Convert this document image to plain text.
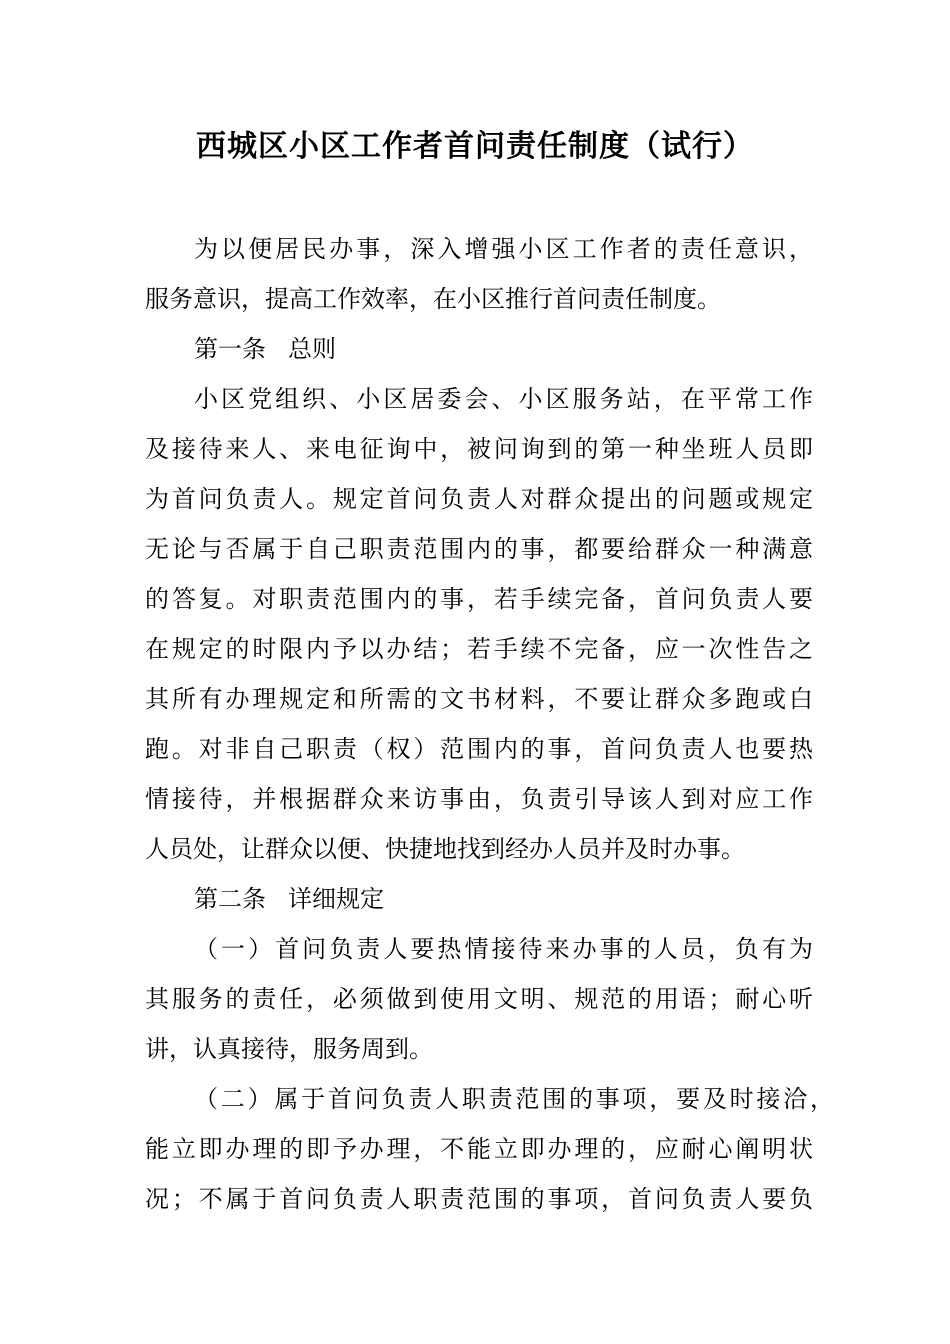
西城区小区工作者首问责任制度（试行）
为以便居民办事，深入增强小区工作者的责任意识，
服务意识，提高工作效率，在小区推行首问责任制度。
第一条 总则
小区党组织、小区居委会、小区服务站，在平常工作
及接待来人、来电征询中，被问询到的第一种坐班人员即
为首问负责人。规定首问负责人对群众提出的问题或规定
无论与否属于自己职责范围内的事，都要给群众一种满意
的答复。对职责范围内的事，若手续完备，首问负责人要
在规定的时限内予以办结；若手续不完备，应一次性告之
其所有办理规定和所需的文书材料，不要让群众多跑或白
跑。对非自己职责（权）范围内的事，首问负责人也要热
情接待，并根据群众来访事由，负责引导该人到对应工作
人员处，让群众以便、快捷地找到经办人员并及时办事。
第二条 详细规定
（一）首问负责人要热情接待来办事的人员，负有为
其服务的责任，必须做到使用文明、规范的用语；耐心听
讲，认真接待，服务周到。
（二）属于首问负责人职责范围的事项，要及时接洽，
能立即办理的即予办理，不能立即办理的，应耐心阐明状
况；不属于首问负责人职责范围的事项，首问负责人要负
